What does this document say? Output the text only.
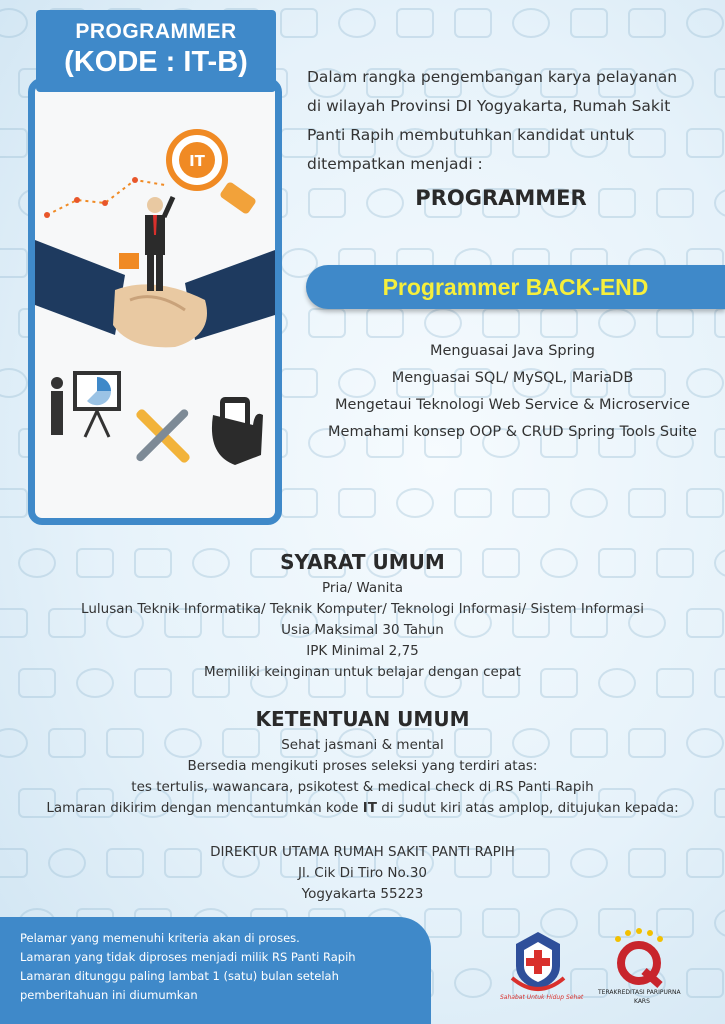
IT
PROGRAMMER
(KODE : IT-B)	Dalam rangka pengembangan karya pelayanan
di wilayah Provinsi DI Yogyakarta, Rumah Sakit
Panti Rapih membutuhkan kandidat untuk
ditempatkan menjadi :
PROGRAMMER
Programmer BACK-END
Menguasai Java Spring
Menguasai SQL/ MySQL, MariaDB
Mengetaui Teknologi Web Service & Microservice
Memahami konsep OOP & CRUD Spring Tools Suite
SYARAT UMUM
Pria/ Wanita
Lulusan Teknik Informatika/ Teknik Komputer/ Teknologi Informasi/ Sistem Informasi
Usia Maksimal 30 Tahun
IPK Minimal 2,75
Memiliki keinginan untuk belajar dengan cepat
KETENTUAN UMUM
Sehat jasmani & mental
Bersedia mengikuti proses seleksi yang terdiri atas:
tes tertulis, wawancara, psikotest & medical check di RS Panti Rapih
Lamaran dikirim dengan mencantumkan kode IT di sudut kiri atas amplop, ditujukan kepada:
DIREKTUR UTAMA RUMAH SAKIT PANTI RAPIH
Jl. Cik Di Tiro No.30
Yogyakarta 55223
Pelamar yang memenuhi kriteria akan di proses.
Lamaran yang tidak diproses menjadi milik RS Panti Rapih
Lamaran ditunggu paling lambat 1 (satu) bulan setelah
pemberitahuan ini diumumkan	Sahabat Untuk Hidup Sehat
TERAKREDITASI PARIPURNA
KARS
